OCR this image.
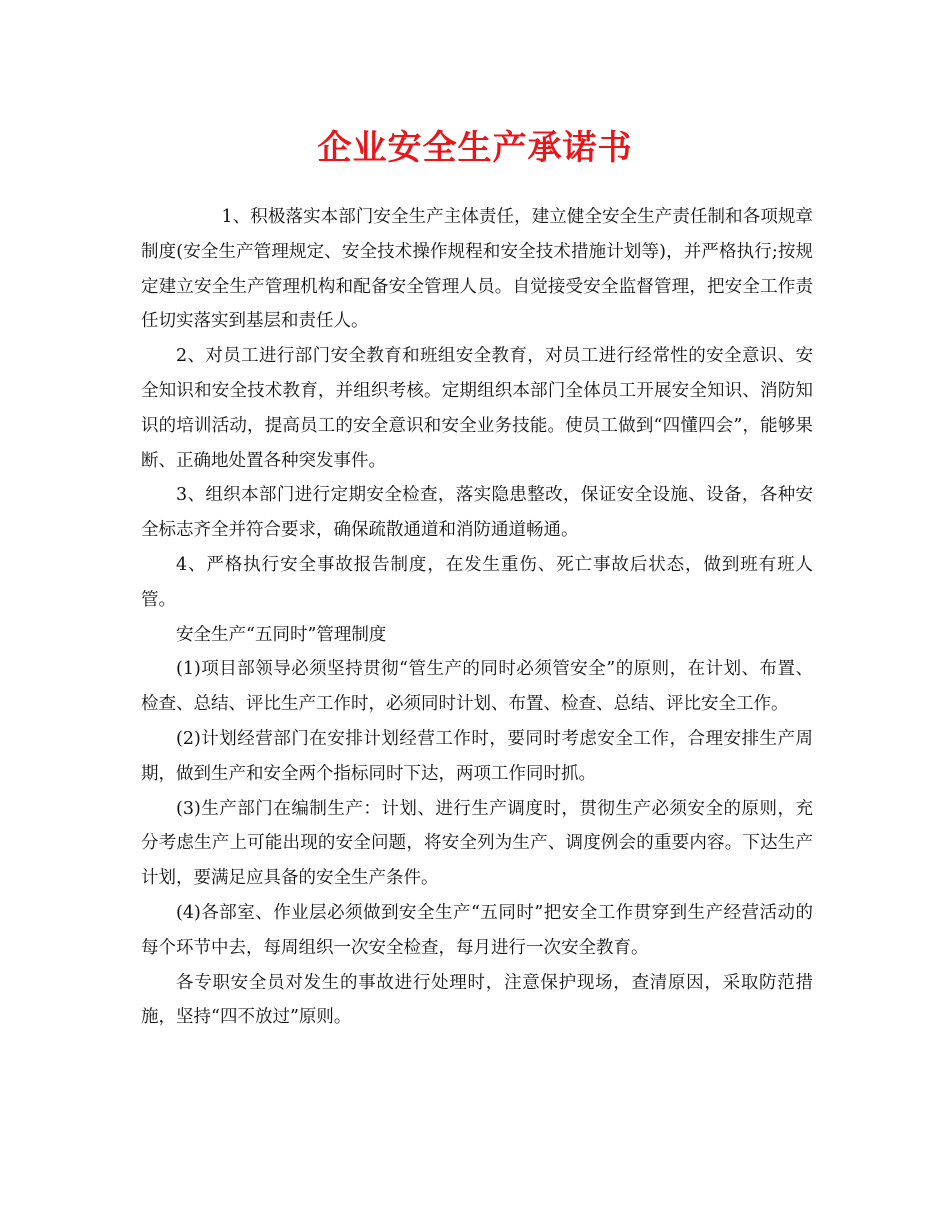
企业安全生产承诺书

1、积极落实本部门安全生产主体责任，建立健全安全生产责任制和各项规章制度(安全生产管理规定、安全技术操作规程和安全技术措施计划等)，并严格执行;按规定建立安全生产管理机构和配备安全管理人员。自觉接受安全监督管理，把安全工作责任切实落实到基层和责任人。

2、对员工进行部门安全教育和班组安全教育，对员工进行经常性的安全意识、安全知识和安全技术教育，并组织考核。定期组织本部门全体员工开展安全知识、消防知识的培训活动，提高员工的安全意识和安全业务技能。使员工做到“四懂四会”，能够果断、正确地处置各种突发事件。

3、组织本部门进行定期安全检查，落实隐患整改，保证安全设施、设备，各种安全标志齐全并符合要求，确保疏散通道和消防通道畅通。

4、严格执行安全事故报告制度，在发生重伤、死亡事故后状态，做到班有班人管。

安全生产“五同时”管理制度

(1)项目部领导必须坚持贯彻“管生产的同时必须管安全”的原则，在计划、布置、检查、总结、评比生产工作时，必须同时计划、布置、检查、总结、评比安全工作。

(2)计划经营部门在安排计划经营工作时，要同时考虑安全工作，合理安排生产周期，做到生产和安全两个指标同时下达，两项工作同时抓。

(3)生产部门在编制生产：计划、进行生产调度时，贯彻生产必须安全的原则，充分考虑生产上可能出现的安全问题，将安全列为生产、调度例会的重要内容。下达生产计划，要满足应具备的安全生产条件。

(4)各部室、作业层必须做到安全生产“五同时”把安全工作贯穿到生产经营活动的每个环节中去，每周组织一次安全检查，每月进行一次安全教育。

各专职安全员对发生的事故进行处理时，注意保护现场，查清原因，采取防范措施，坚持“四不放过”原则。
